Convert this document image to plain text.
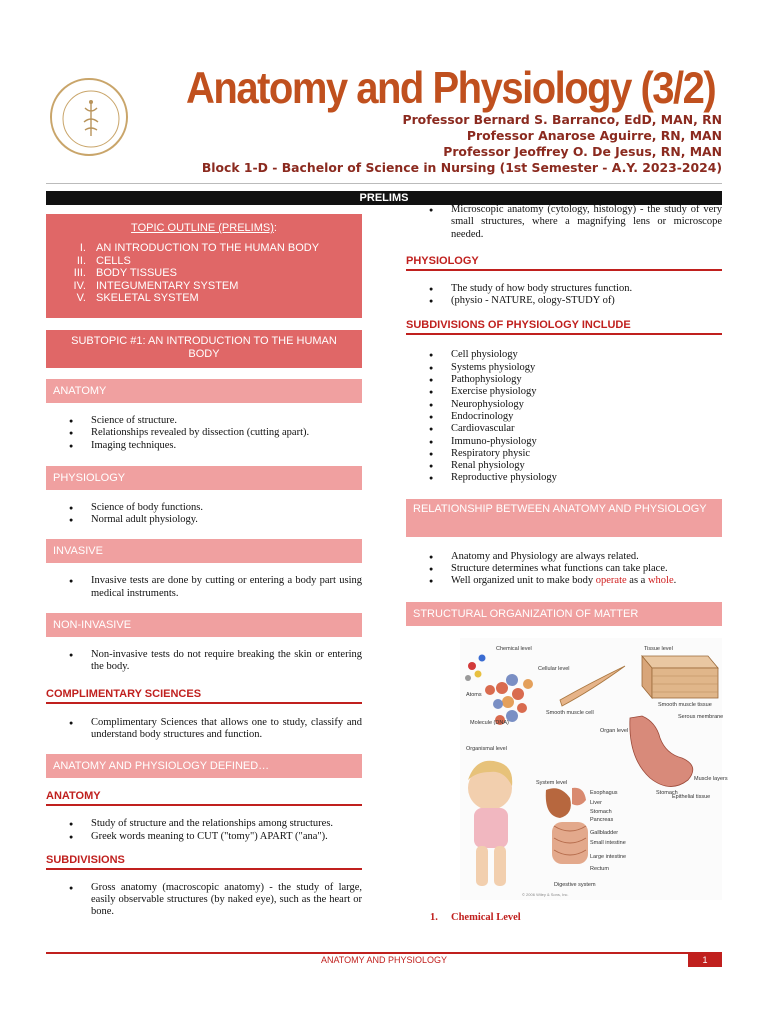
Anatomy and Physiology (3/2)
Professor Bernard S. Barranco, EdD, MAN, RN
Professor Anarose Aguirre, RN, MAN
Professor Jeoffrey O. De Jesus, RN, MAN
Block 1-D - Bachelor of Science in Nursing (1st Semester - A.Y. 2023-2024)
PRELIMS
TOPIC OUTLINE (PRELIMS):
I. AN INTRODUCTION TO THE HUMAN BODY
II. CELLS
III. BODY TISSUES
IV. INTEGUMENTARY SYSTEM
V. SKELETAL SYSTEM
SUBTOPIC #1: AN INTRODUCTION TO THE HUMAN BODY
ANATOMY
● Science of structure.
● Relationships revealed by dissection (cutting apart).
● Imaging techniques.
PHYSIOLOGY
● Science of body functions.
● Normal adult physiology.
INVASIVE
● Invasive tests are done by cutting or entering a body part using medical instruments.
NON-INVASIVE
● Non-invasive tests do not require breaking the skin or entering the body.
COMPLIMENTARY SCIENCES
● Complimentary Sciences that allows one to study, classify and understand body structures and function.
ANATOMY AND PHYSIOLOGY DEFINED…
ANATOMY
● Study of structure and the relationships among structures.
● Greek words meaning to CUT ("tomy") APART ("ana").
SUBDIVISIONS
● Gross anatomy (macroscopic anatomy) - the study of large, easily observable structures (by naked eye), such as the heart or bone.
● Microscopic anatomy (cytology, histology) - the study of very small structures, where a magnifying lens or microscope needed.
PHYSIOLOGY
● The study of how body structures function.
● (physio - NATURE, ology-STUDY of)
SUBDIVISIONS OF PHYSIOLOGY INCLUDE
● Cell physiology
● Systems physiology
● Pathophysiology
● Exercise physiology
● Neurophysiology
● Endocrinology
● Cardiovascular
● Immuno-physiology
● Respiratory physic
● Renal physiology
● Reproductive physiology
RELATIONSHIP BETWEEN ANATOMY AND PHYSIOLOGY
● Anatomy and Physiology are always related.
● Structure determines what functions can take place.
● Well organized unit to make body operate as a whole.
STRUCTURAL ORGANIZATION OF MATTER
Chemical level
Cellular level
Tissue level
Atoms
Molecule (DNA)
Smooth muscle cell
Smooth muscle tissue
Serous membrane
Organ level
Organismal level
Muscle layers
Epithelial tissue
Stomach
System level
Esophagus
Liver
Stomach
Pancreas
Gallbladder
Small intestine
Large intestine
Rectum
Digestive system
© 2006 Wiley & Sons, Inc.
1. Chemical Level
ANATOMY AND PHYSIOLOGY	1
